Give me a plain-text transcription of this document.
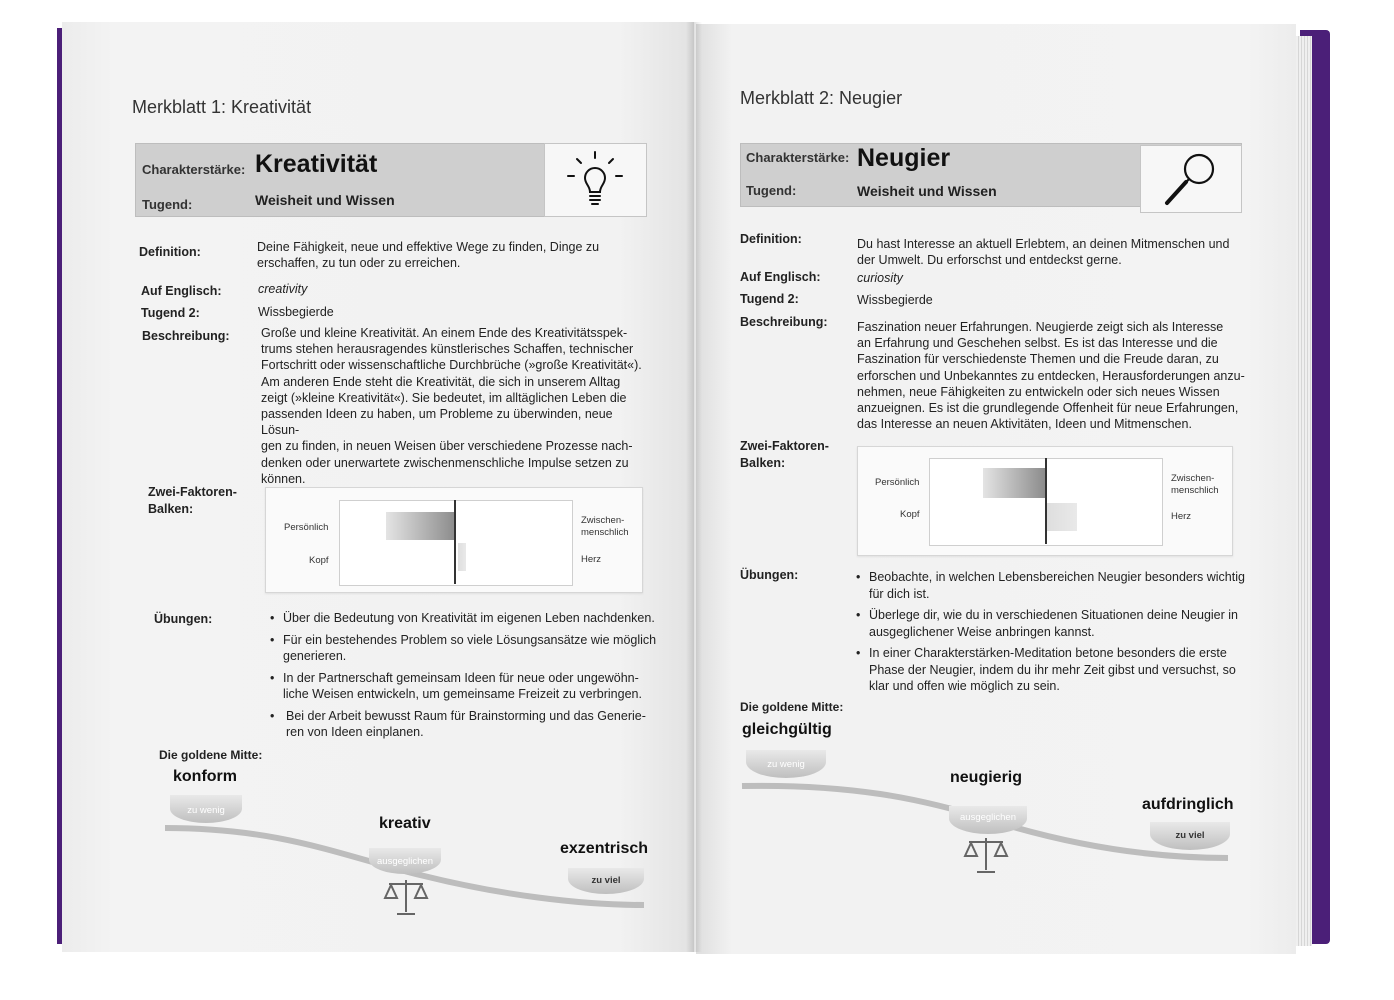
Merkblatt 1: Kreativität
Charakterstärke: Kreativität
Tugend:	Weisheit und Wissen
Definition:	Deine Fähigkeit, neue und effektive Wege zu finden, Dinge zu
erschaffen, zu tun oder zu erreichen.
Auf Englisch:	creativity
Tugend 2:	Wissbegierde
Beschreibung:	Große und kleine Kreativität. An einem Ende des Kreativitätsspek-
trums stehen herausragendes künstlerisches Schaffen, technischer
Fortschritt oder wissenschaftliche Durchbrüche (»große Kreativität«).
Am anderen Ende steht die Kreativität, die sich in unserem Alltag
zeigt (»kleine Kreativität«). Sie bedeutet, im alltäglichen Leben die
passenden Ideen zu haben, um Probleme zu überwinden, neue Lösun-
gen zu finden, in neuen Weisen über verschiedene Prozesse nach-
denken oder unerwartete zwischenmenschliche Impulse setzen zu
können.
Zwei-Faktoren-
Balken:
Persönlich
Kopf
Zwischen-
menschlich
Herz
Übungen:	• Über die Bedeutung von Kreativität im eigenen Leben nachdenken.
• Für ein bestehendes Problem so viele Lösungsansätze wie möglich
generieren.
• In der Partnerschaft gemeinsam Ideen für neue oder ungewöhn-
liche Weisen entwickeln, um gemeinsame Freizeit zu verbringen.
• Bei der Arbeit bewusst Raum für Brainstorming und das Generie-
ren von Ideen einplanen.
Die goldene Mitte:
konform
kreativ
exzentrisch
zu wenig
ausgeglichen
zu viel
Merkblatt 2: Neugier
Charakterstärke: Neugier
Tugend:	Weisheit und Wissen
Definition:	Du hast Interesse an aktuell Erlebtem, an deinen Mitmenschen und
der Umwelt. Du erforschst und entdeckst gerne.
Auf Englisch:	curiosity
Tugend 2:	Wissbegierde
Beschreibung: Faszination neuer Erfahrungen. Neugierde zeigt sich als Interesse
an Erfahrung und Geschehen selbst. Es ist das Interesse und die
Faszination für verschiedenste Themen und die Freude daran, zu
erforschen und Unbekanntes zu entdecken, Herausforderungen anzu-
nehmen, neue Fähigkeiten zu entwickeln oder sich neues Wissen
anzueignen. Es ist die grundlegende Offenheit für neue Erfahrungen,
das Interesse an neuen Aktivitäten, Ideen und Mitmenschen.
Zwei-Faktoren-
Balken:
Persönlich
Kopf
Zwischen-
menschlich
Herz
Übungen:	• Beobachte, in welchen Lebensbereichen Neugier besonders wichtig
für dich ist.
• Überlege dir, wie du in verschiedenen Situationen deine Neugier in
ausgeglichener Weise anbringen kannst.
• In einer Charakterstärken-Meditation betone besonders die erste
Phase der Neugier, indem du ihr mehr Zeit gibst und versuchst, so
klar und offen wie möglich zu sein.
Die goldene Mitte:
gleichgültig
neugierig
aufdringlich
zu wenig
ausgeglichen
zu viel
